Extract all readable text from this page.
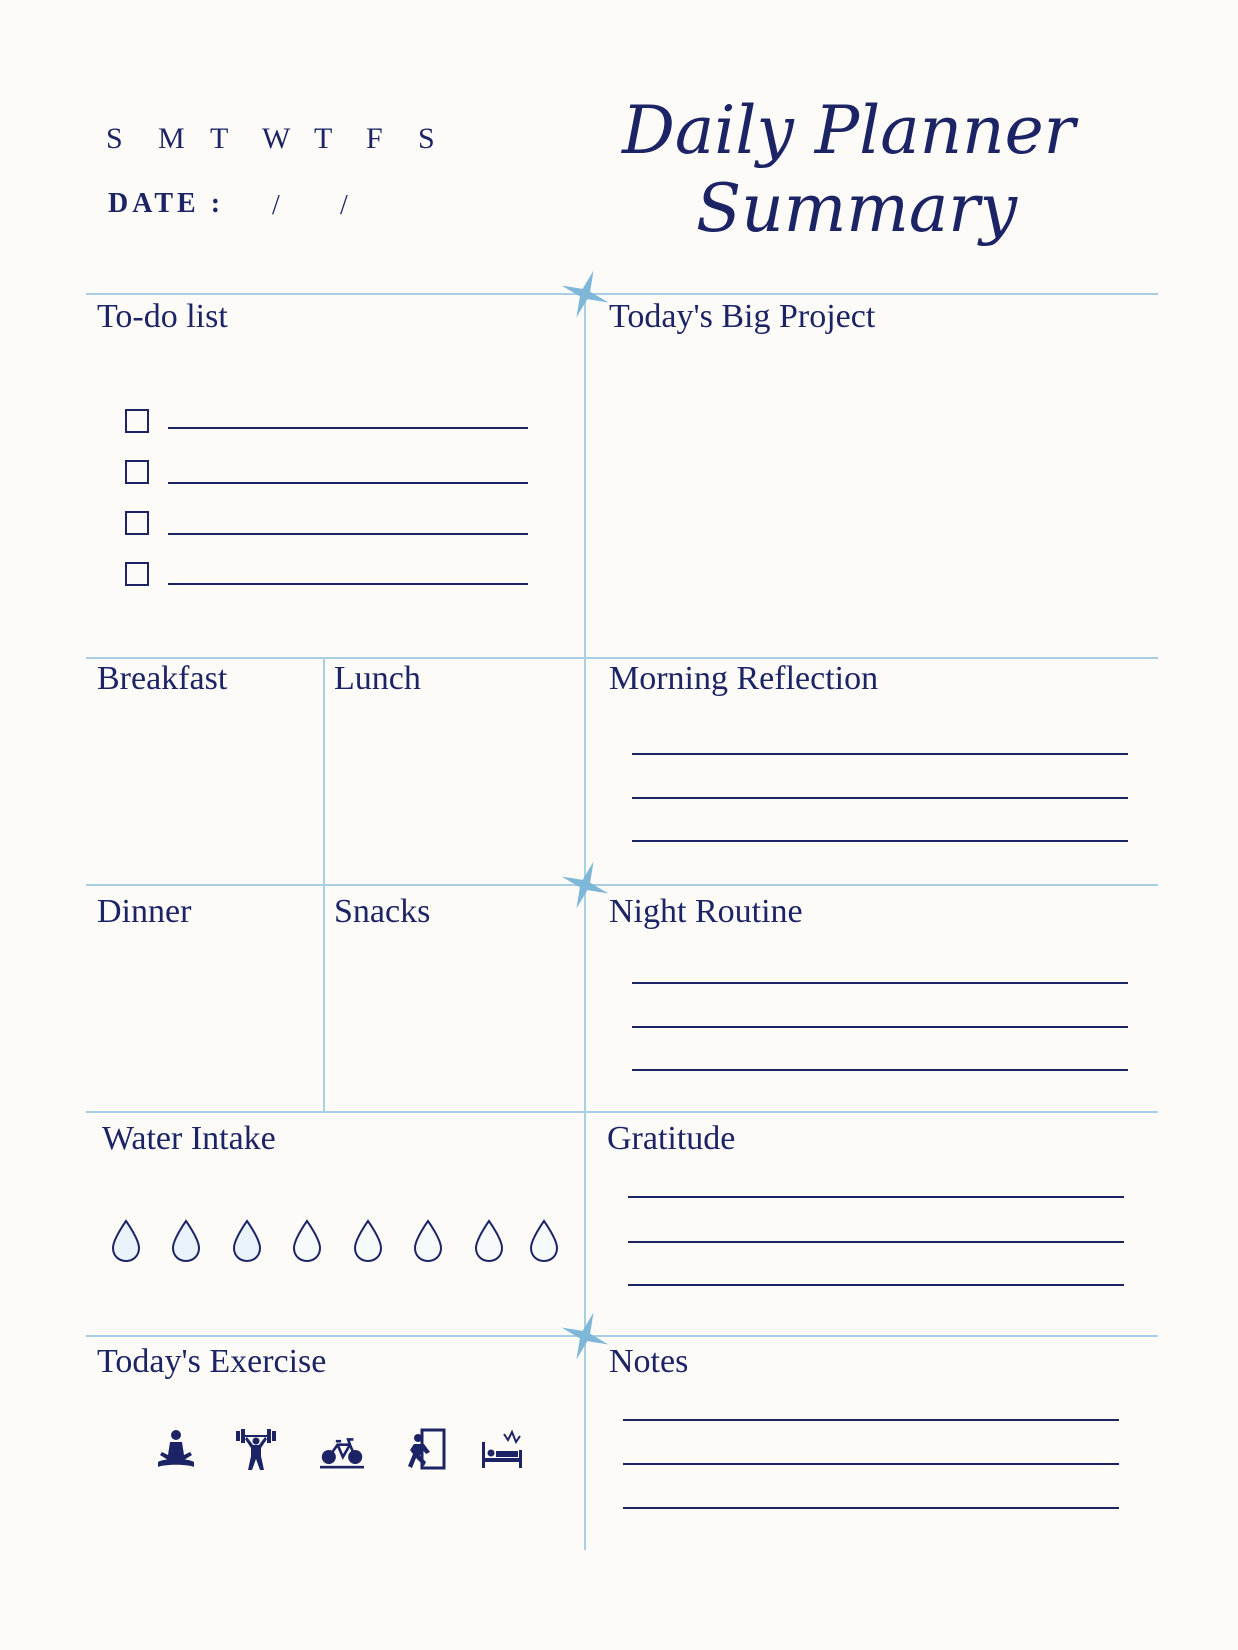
S	M T	W T	F	S
DATE : / /
Daily Planner
Summary
To-do list	Today's Big Project
Breakfast	Lunch	Morning Reflection
Dinner	Snacks	Night Routine
Water Intake	Gratitude
Today's Exercise	Notes
